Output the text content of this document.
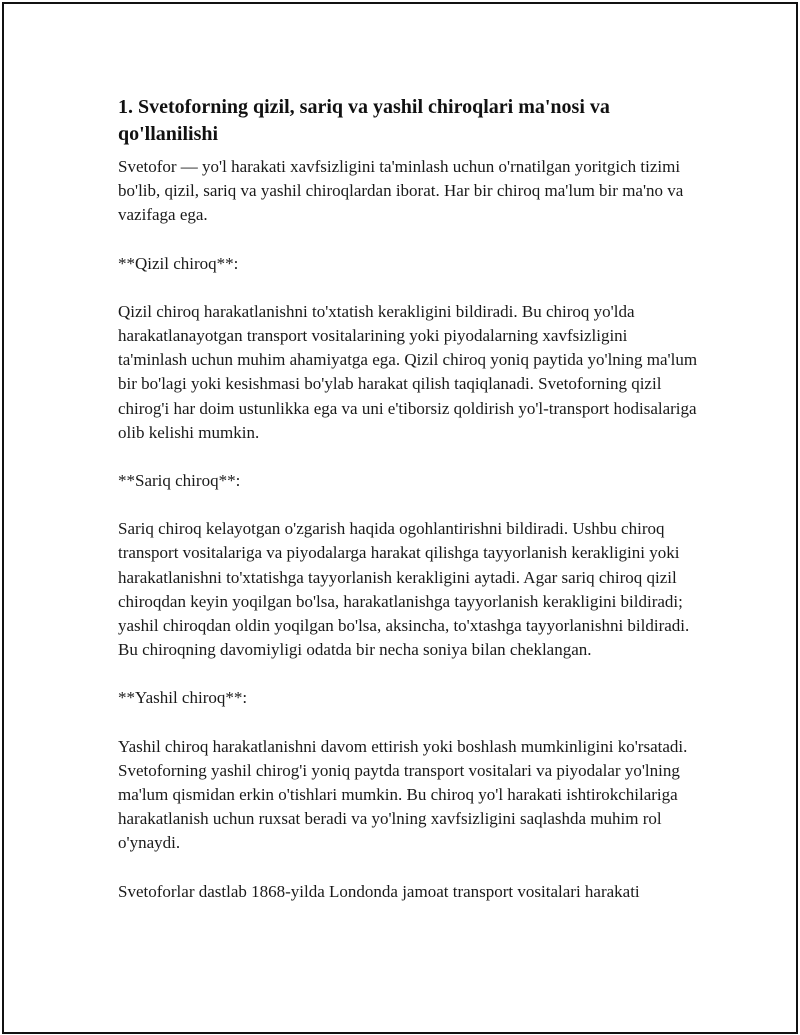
1. Svetoforning qizil, sariq va yashil chiroqlari ma'nosi va qo'llanilishi

Svetofor — yo'l harakati xavfsizligini ta'minlash uchun o'rnatilgan yoritgich tizimi bo'lib, qizil, sariq va yashil chiroqlardan iborat. Har bir chiroq ma'lum bir ma'no va vazifaga ega.

**Qizil chiroq**:

Qizil chiroq harakatlanishni to'xtatish kerakligini bildiradi. Bu chiroq yo'lda harakatlanayotgan transport vositalarining yoki piyodalarning xavfsizligini ta'minlash uchun muhim ahamiyatga ega. Qizil chiroq yoniq paytida yo'lning ma'lum bir bo'lagi yoki kesishmasi bo'ylab harakat qilish taqiqlanadi. Svetoforning qizil chirog'i har doim ustunlikka ega va uni e'tiborsiz qoldirish yo'l-transport hodisalariga olib kelishi mumkin.

**Sariq chiroq**:

Sariq chiroq kelayotgan o'zgarish haqida ogohlantirishni bildiradi. Ushbu chiroq transport vositalariga va piyodalarga harakat qilishga tayyorlanish kerakligini yoki harakatlanishni to'xtatishga tayyorlanish kerakligini aytadi. Agar sariq chiroq qizil chiroqdan keyin yoqilgan bo'lsa, harakatlanishga tayyorlanish kerakligini bildiradi; yashil chiroqdan oldin yoqilgan bo'lsa, aksincha, to'xtashga tayyorlanishni bildiradi. Bu chiroqning davomiyligi odatda bir necha soniya bilan cheklangan.

**Yashil chiroq**:

Yashil chiroq harakatlanishni davom ettirish yoki boshlash mumkinligini ko'rsatadi. Svetoforning yashil chirog'i yoniq paytda transport vositalari va piyodalar yo'lning ma'lum qismidan erkin o'tishlari mumkin. Bu chiroq yo'l harakati ishtirokchilariga harakatlanish uchun ruxsat beradi va yo'lning xavfsizligini saqlashda muhim rol o'ynaydi.

Svetoforlar dastlab 1868-yilda Londonda jamoat transport vositalari harakati
